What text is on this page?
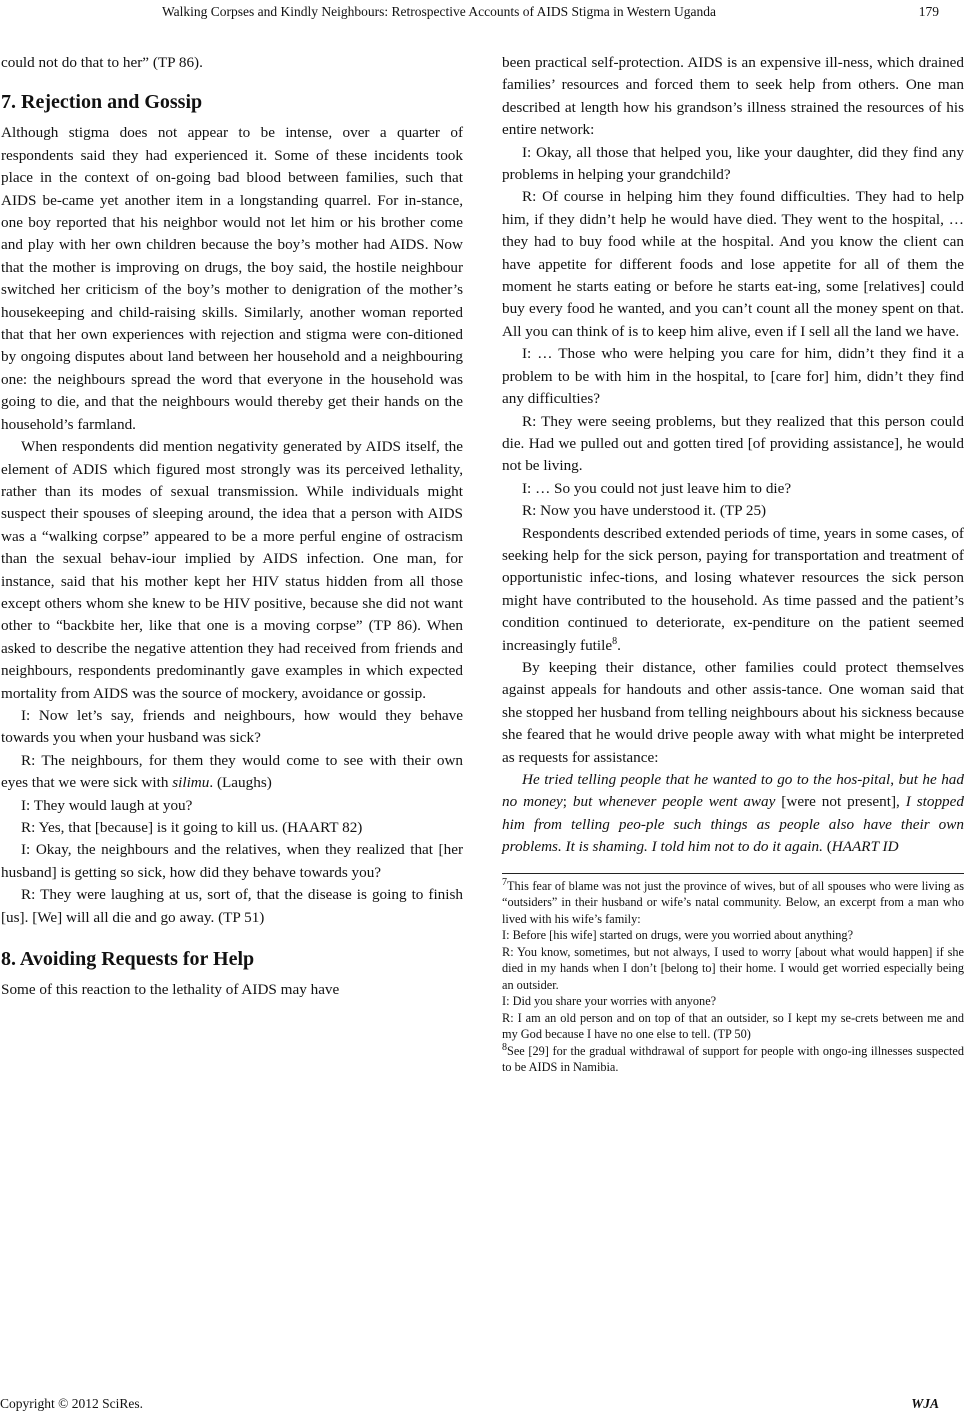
Walking Corpses and Kindly Neighbours: Retrospective Accounts of AIDS Stigma in Western Uganda	179

could not do that to her” (TP 86).

7. Rejection and Gossip

Although stigma does not appear to be intense, over a quarter of respondents said they had experienced it. Some of these incidents took place in the context of on-going bad blood between families, such that AIDS be-came yet another item in a longstanding quarrel. For in-stance, one boy reported that his neighbor would not let him or his brother come and play with her own children because the boy’s mother had AIDS. Now that the mother is improving on drugs, the boy said, the hostile neighbour switched her criticism of the boy’s mother to denigration of the mother’s housekeeping and child-raising skills. Similarly, another woman reported that that her own experiences with rejection and stigma were con-ditioned by ongoing disputes about land between her household and a neighbouring one: the neighbours spread the word that everyone in the household was going to die, and that the neighbours would thereby get their hands on the household’s farmland.

When respondents did mention negativity generated by AIDS itself, the element of ADIS which figured most strongly was its perceived lethality, rather than its modes of sexual transmission. While individuals might suspect their spouses of sleeping around, the idea that a person with AIDS was a “walking corpse” appeared to be a more perful engine of ostracism than the sexual behav-iour implied by AIDS infection. One man, for instance, said that his mother kept her HIV status hidden from all those except others whom she knew to be HIV positive, because she did not want other to “backbite her, like that one is a moving corpse” (TP 86). When asked to describe the negative attention they had received from friends and neighbours, respondents predominantly gave examples in which expected mortality from AIDS was the source of mockery, avoidance or gossip.

I: Now let’s say, friends and neighbours, how would they behave towards you when your husband was sick?

R: The neighbours, for them they would come to see with their own eyes that we were sick with silimu. (Laughs)

I: They would laugh at you?

R: Yes, that [because] is it going to kill us. (HAART 82)

I: Okay, the neighbours and the relatives, when they realized that [her husband] is getting so sick, how did they behave towards you?

R: They were laughing at us, sort of, that the disease is going to finish [us]. [We] will all die and go away. (TP 51)

8. Avoiding Requests for Help

Some of this reaction to the lethality of AIDS may have

been practical self-protection. AIDS is an expensive ill-ness, which drained families’ resources and forced them to seek help from others. One man described at length how his grandson’s illness strained the resources of his entire network:

I: Okay, all those that helped you, like your daughter, did they find any problems in helping your grandchild?

R: Of course in helping him they found difficulties. They had to help him, if they didn’t help he would have died. They went to the hospital, … they had to buy food while at the hospital. And you know the client can have appetite for different foods and lose appetite for all of them the moment he starts eating or before he starts eat-ing, some [relatives] could buy every food he wanted, and you can’t count all the money spent on that. All you can think of is to keep him alive, even if I sell all the land we have.

I: … Those who were helping you care for him, didn’t they find it a problem to be with him in the hospital, to [care for] him, didn’t they find any difficulties?

R: They were seeing problems, but they realized that this person could die. Had we pulled out and gotten tired [of providing assistance], he would not be living.

I: … So you could not just leave him to die?

R: Now you have understood it. (TP 25)

Respondents described extended periods of time, years in some cases, of seeking help for the sick person, paying for transportation and treatment of opportunistic infec-tions, and losing whatever resources the sick person might have contributed to the household. As time passed and the patient’s condition continued to deteriorate, ex-penditure on the patient seemed increasingly futile$^8$.

By keeping their distance, other families could protect themselves against appeals for handouts and other assis-tance. One woman said that she stopped her husband from telling neighbours about his sickness because she feared that he would drive people away with what might be interpreted as requests for assistance:

He tried telling people that he wanted to go to the hos-pital, but he had no money; but whenever people went away [were not present], I stopped him from telling peo-ple such things as people also have their own problems. It is shaming. I told him not to do it again. (HAART ID

$^7$This fear of blame was not just the province of wives, but of all spouses who were living as “outsiders” in their husband or wife’s natal community. Below, an excerpt from a man who lived with his wife’s family:

I: Before [his wife] started on drugs, were you worried about anything?

R: You know, sometimes, but not always, I used to worry [about what would happen] if she died in my hands when I don’t [belong to] their home. I would get worried especially being an outsider.

I: Did you share your worries with anyone?

R: I am an old person and on top of that an outsider, so I kept my se-crets between me and my God because I have no one else to tell. (TP 50)

$^8$See [29] for the gradual withdrawal of support for people with ongo-ing illnesses suspected to be AIDS in Namibia.

Copyright © 2012 SciRes.	WJA
